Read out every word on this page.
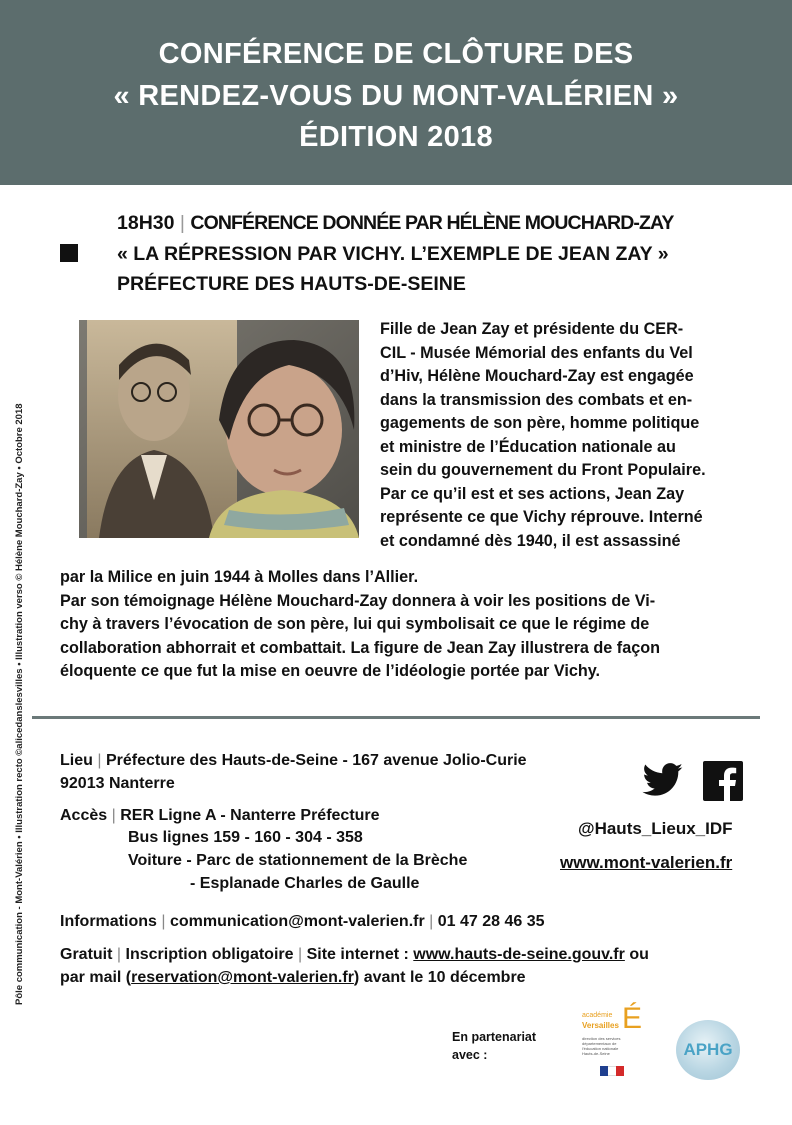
CONFÉRENCE DE CLÔTURE DES
« RENDEZ-VOUS DU MONT-VALÉRIEN »
ÉDITION 2018
Pôle communication - Mont-Valérien • Illustration recto ©alicedanslesvilles • Illustration verso © Hélène Mouchard-Zay • Octobre 2018
18H30 | CONFÉRENCE DONNÉE PAR HÉLÈNE MOUCHARD-ZAY
« LA RÉPRESSION PAR VICHY. L’EXEMPLE DE JEAN ZAY »
PRÉFECTURE DES HAUTS-DE-SEINE
Fille de Jean Zay et présidente du CER-
CIL - Musée Mémorial des enfants du Vel
d’Hiv, Hélène Mouchard-Zay est engagée
dans la transmission des combats et en-
gagements de son père, homme politique
et ministre de l’Éducation nationale au
sein du gouvernement du Front Populaire.
Par ce qu’il est et ses actions, Jean Zay
représente ce que Vichy réprouve. Interné
et condamné dès 1940, il est assassiné
par la Milice en juin 1944 à Molles dans l’Allier.
Par son témoignage Hélène Mouchard-Zay donnera à voir les positions de Vi-
chy à travers l’évocation de son père, lui qui symbolisait ce que le régime de
collaboration abhorrait et combattait. La figure de Jean Zay illustrera de façon
éloquente ce que fut la mise en oeuvre de l’idéologie portée par Vichy.
Lieu | Préfecture des Hauts-de-Seine - 167 avenue Jolio-Curie
92013 Nanterre
Accès | RER Ligne A - Nanterre Préfecture
Bus lignes 159 - 160 - 304 - 358
Voiture - Parc de stationnement de la Brèche
- Esplanade Charles de Gaulle
Informations | communication@mont-valerien.fr | 01 47 28 46 35
Gratuit | Inscription obligatoire | Site internet : www.hauts-de-seine.gouv.fr ou
par mail (reservation@mont-valerien.fr) avant le 10 décembre
@Hauts_Lieux_IDF
www.mont-valerien.fr
En partenariat
avec :
académie
Versailles É
direction des services départementaux de l'éducation nationale Hauts-de-Seine	APHG
